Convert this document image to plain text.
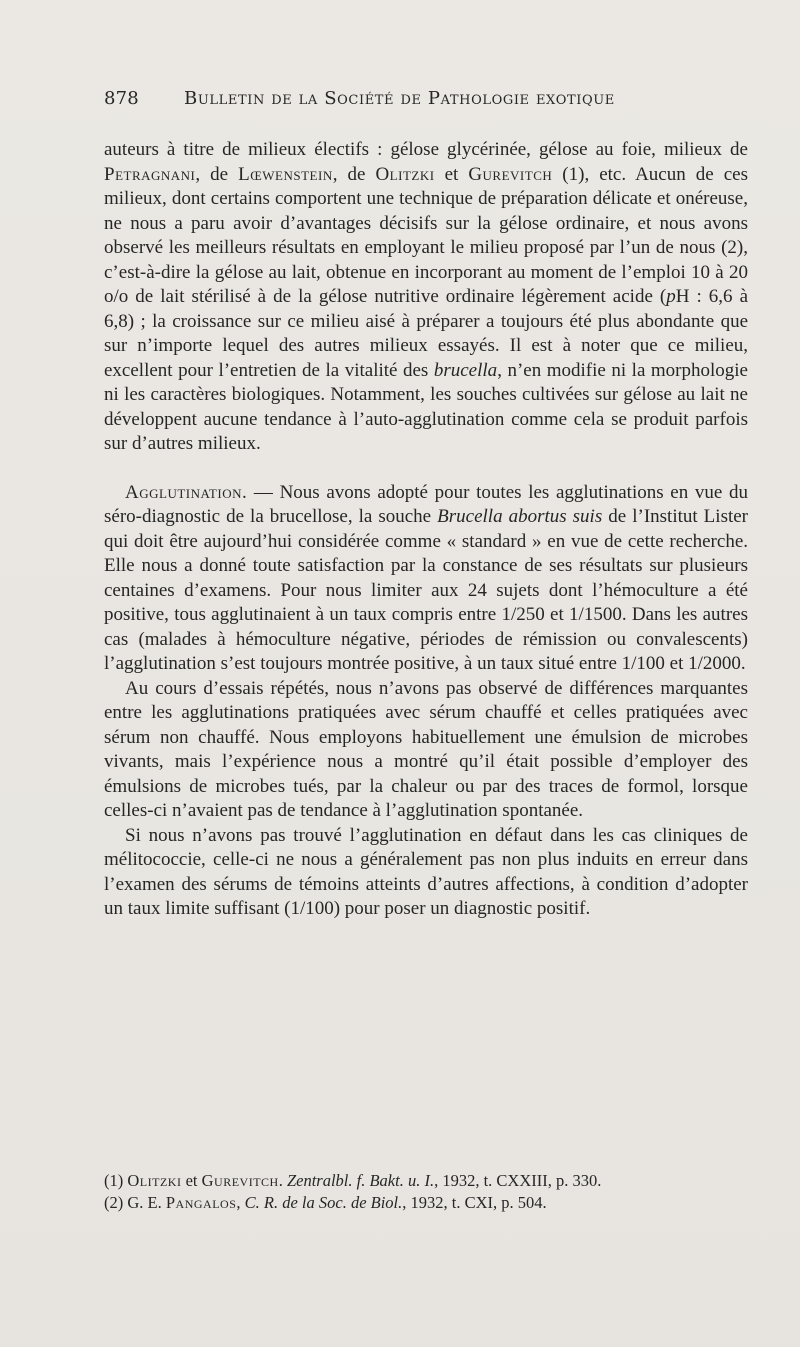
878	Bulletin de la Société de Pathologie exotique

auteurs à titre de milieux électifs : gélose glycérinée, gélose au foie, milieux de Petragnani, de Lœwenstein, de Olitzki et Gurevitch (1), etc. Aucun de ces milieux, dont certains comportent une technique de préparation délicate et onéreuse, ne nous a paru avoir d’avantages décisifs sur la gélose ordinaire, et nous avons observé les meilleurs résultats en employant le milieu proposé par l’un de nous (2), c’est-à-dire la gélose au lait, obtenue en incorporant au moment de l’emploi 10 à 20 o/o de lait stérilisé à de la gélose nutritive ordinaire légèrement acide (pH : 6,6 à 6,8) ; la croissance sur ce milieu aisé à préparer a toujours été plus abondante que sur n’importe lequel des autres milieux essayés. Il est à noter que ce milieu, excellent pour l’entretien de la vitalité des brucella, n’en modifie ni la morphologie ni les caractères biologiques. Notamment, les souches cultivées sur gélose au lait ne développent aucune tendance à l’auto-agglutination comme cela se produit parfois sur d’autres milieux.

Agglutination. — Nous avons adopté pour toutes les agglutinations en vue du séro-diagnostic de la brucellose, la souche Brucella abortus suis de l’Institut Lister qui doit être aujourd’hui considérée comme « standard » en vue de cette recherche. Elle nous a donné toute satisfaction par la constance de ses résultats sur plusieurs centaines d’examens. Pour nous limiter aux 24 sujets dont l’hémoculture a été positive, tous agglutinaient à un taux compris entre 1/250 et 1/1500. Dans les autres cas (malades à hémoculture négative, périodes de rémission ou convalescents) l’agglutination s’est toujours montrée positive, à un taux situé entre 1/100 et 1/2000.

Au cours d’essais répétés, nous n’avons pas observé de différences marquantes entre les agglutinations pratiquées avec sérum chauffé et celles pratiquées avec sérum non chauffé. Nous employons habituellement une émulsion de microbes vivants, mais l’expérience nous a montré qu’il était possible d’employer des émulsions de microbes tués, par la chaleur ou par des traces de formol, lorsque celles-ci n’avaient pas de tendance à l’agglutination spontanée.

Si nous n’avons pas trouvé l’agglutination en défaut dans les cas cliniques de mélitococcie, celle-ci ne nous a généralement pas non plus induits en erreur dans l’examen des sérums de témoins atteints d’autres affections, à condition d’adopter un taux limite suffisant (1/100) pour poser un diagnostic positif.

(1) Olitzki et Gurevitch. Zentralbl. f. Bakt. u. I., 1932, t. CXXIII, p. 330.
(2) G. E. Pangalos, C. R. de la Soc. de Biol., 1932, t. CXI, p. 504.
